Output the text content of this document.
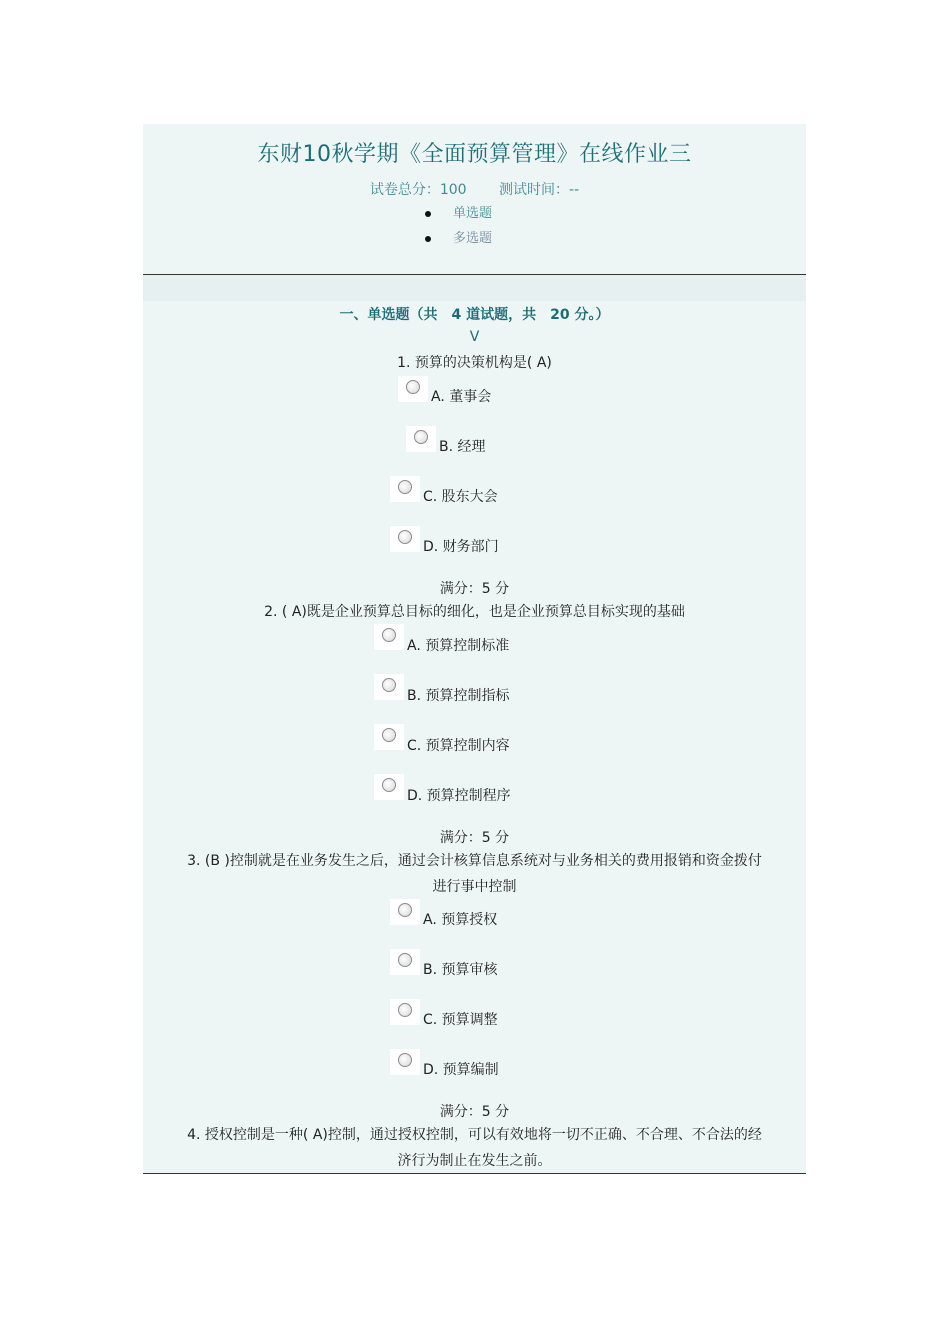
东财10秋学期《全面预算管理》在线作业三
试卷总分：100 测试时间：--
单选题
多选题
一、单选题（共　4 道试题，共　20 分。）
V
1. 预算的决策机构是( A)
A. 董事会
B. 经理
C. 股东大会
D. 财务部门
满分：5 分
2. ( A)既是企业预算总目标的细化，也是企业预算总目标实现的基础
A. 预算控制标准
B. 预算控制指标
C. 预算控制内容
D. 预算控制程序
满分：5 分
3. (B )控制就是在业务发生之后，通过会计核算信息系统对与业务相关的费用报销和资金拨付
进行事中控制
A. 预算授权
B. 预算审核
C. 预算调整
D. 预算编制
满分：5 分
4. 授权控制是一种( A)控制，通过授权控制，可以有效地将一切不正确、不合理、不合法的经
济行为制止在发生之前。
